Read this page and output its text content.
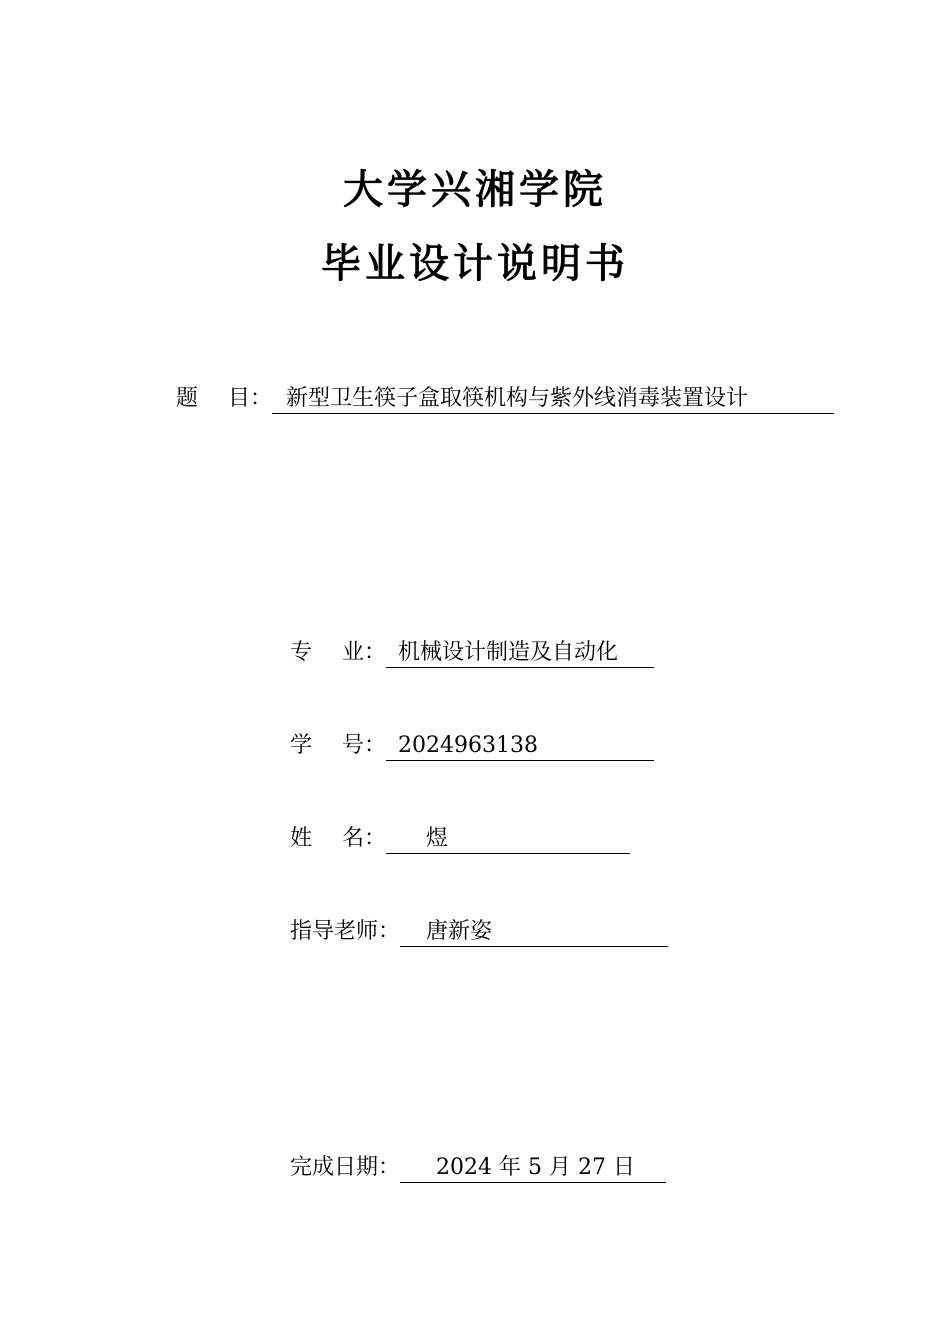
大学兴湘学院
毕业设计说明书
题 目： 新型卫生筷子盒取筷机构与紫外线消毒装置设计
专 业： 机械设计制造及自动化
学 号： 2024963138
姓 名：	煜
指导老师：	唐新姿
完成日期：	2024 年 5 月 27 日
